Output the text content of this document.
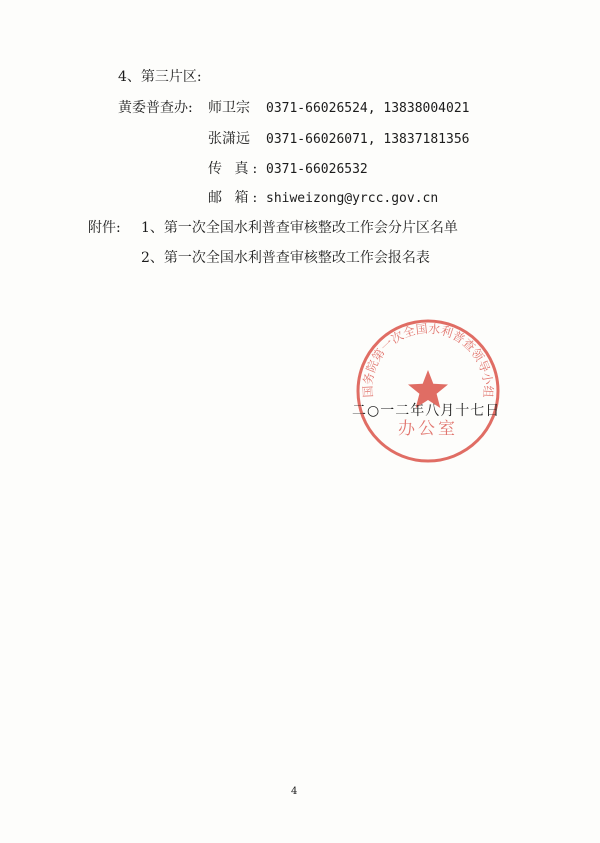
4、第三片区:
黄委普查办: 师卫宗 0371-66026524, 13838004021
张潇远 0371-66026071, 13837181356
传 真: 0371-66026532
邮 箱: shiweizong@yrcc.gov.cn
附件: 1、第一次全国水利普查审核整改工作会分片区名单
2、第一次全国水利普查审核整改工作会报名表
国务院第一次全国水利普查领导小组
办公室
二○一二年八月十七日
4
